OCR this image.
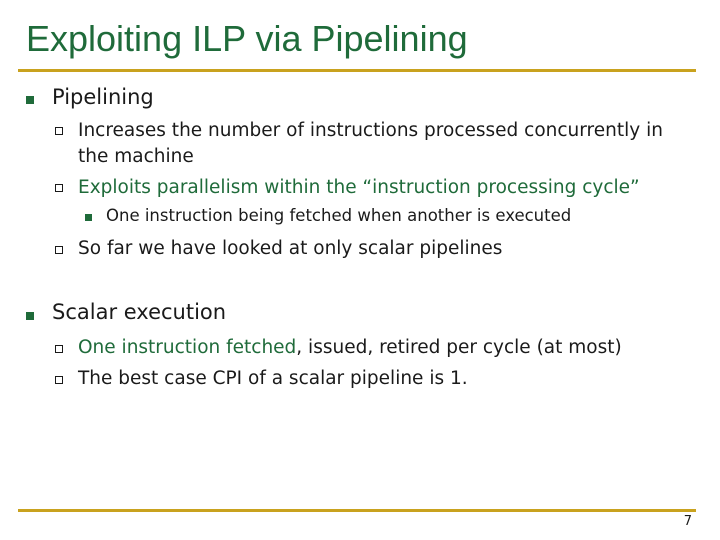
Exploiting ILP via Pipelining
Pipelining
Increases the number of instructions processed concurrently in
the machine
Exploits parallelism within the “instruction processing cycle”
One instruction being fetched when another is executed
So far we have looked at only scalar pipelines
Scalar execution
One instruction fetched, issued, retired per cycle (at most)
The best case CPI of a scalar pipeline is 1.
7
